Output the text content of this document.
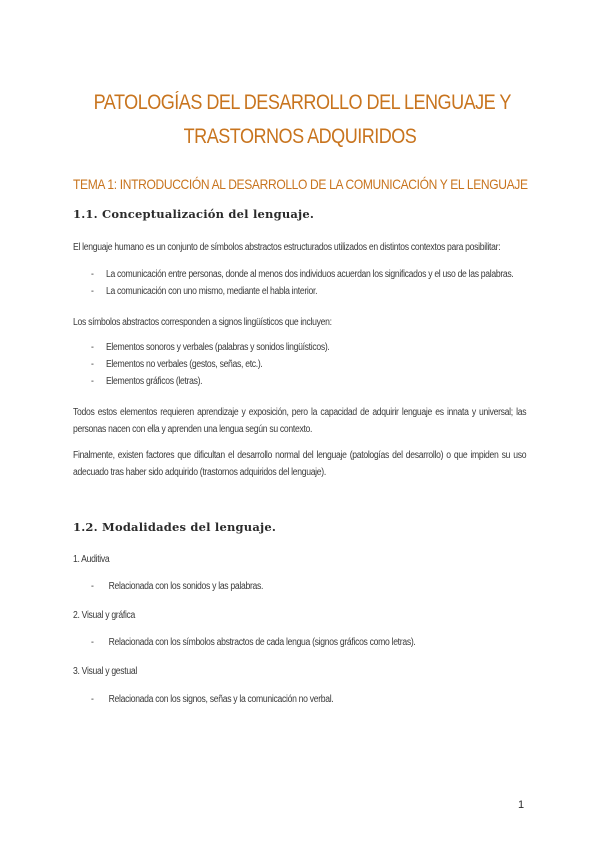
PATOLOGÍAS DEL DESARROLLO DEL LENGUAJE Y
TRASTORNOS ADQUIRIDOS
TEMA 1: INTRODUCCIÓN AL DESARROLLO DE LA COMUNICACIÓN Y EL LENGUAJE
1.1. Conceptualización del lenguaje.
El lenguaje humano es un conjunto de símbolos abstractos estructurados utilizados en distintos contextos para posibilitar:
- La comunicación entre personas, donde al menos dos individuos acuerdan los significados y el uso de las palabras.
- La comunicación con uno mismo, mediante el habla interior.
Los símbolos abstractos corresponden a signos lingüísticos que incluyen:
- Elementos sonoros y verbales (palabras y sonidos lingüísticos).
- Elementos no verbales (gestos, señas, etc.).
- Elementos gráficos (letras).
Todos estos elementos requieren aprendizaje y exposición, pero la capacidad de adquirir lenguaje es innata y universal; las personas nacen con ella y aprenden una lengua según su contexto.
Finalmente, existen factores que dificultan el desarrollo normal del lenguaje (patologías del desarrollo) o que impiden su uso adecuado tras haber sido adquirido (trastornos adquiridos del lenguaje).
1.2. Modalidades del lenguaje.
1. Auditiva
- Relacionada con los sonidos y las palabras.
2. Visual y gráfica
- Relacionada con los símbolos abstractos de cada lengua (signos gráficos como letras).
3. Visual y gestual
- Relacionada con los signos, señas y la comunicación no verbal.
1
